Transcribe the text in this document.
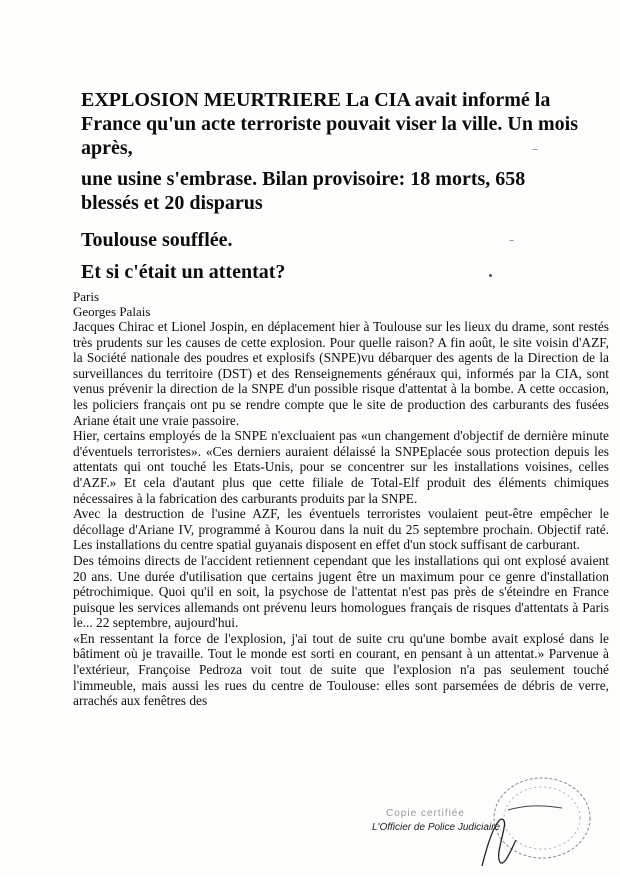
EXPLOSION MEURTRIERE La CIA avait informé la France qu'un acte terroriste pouvait viser la ville. Un mois après,
une usine s'embrase. Bilan provisoire: 18 morts, 658 blessés et 20 disparus
Toulouse soufflée.
Et si c'était un attentat?
Paris
Georges Palais

Jacques Chirac et Lionel Jospin, en déplacement hier à Toulouse sur les lieux du drame, sont restés très prudents sur les causes de cette explosion. Pour quelle raison? A fin août, le site voisin d'AZF, la Société nationale des poudres et explosifs (SNPE)vu débarquer des agents de la Direction de la surveillances du territoire (DST) et des Renseignements généraux qui, informés par la CIA, sont venus prévenir la direction de la SNPE d'un possible risque d'attentat à la bombe. A cette occasion, les policiers français ont pu se rendre compte que le site de production des carburants des fusées Ariane était une vraie passoire.

Hier, certains employés de la SNPE n'excluaient pas «un changement d'objectif de dernière minute d'éventuels terroristes». «Ces derniers auraient délaissé la SNPEplacée sous protection depuis les attentats qui ont touché les Etats-Unis, pour se concentrer sur les installations voisines, celles d'AZF.» Et cela d'autant plus que cette filiale de Total-Elf produit des éléments chimiques nécessaires à la fabrication des carburants produits par la SNPE.

Avec la destruction de l'usine AZF, les éventuels terroristes voulaient peut-être empêcher le décollage d'Ariane IV, programmé à Kourou dans la nuit du 25 septembre prochain. Objectif raté. Les installations du centre spatial guyanais disposent en effet d'un stock suffisant de carburant.

Des témoins directs de l'accident retiennent cependant que les installations qui ont explosé avaient 20 ans. Une durée d'utilisation que certains jugent être un maximum pour ce genre d'installation pétrochimique. Quoi qu'il en soit, la psychose de l'attentat n'est pas près de s'éteindre en France puisque les services allemands ont prévenu leurs homologues français de risques d'attentats à Paris le... 22 septembre, aujourd'hui.

«En ressentant la force de l'explosion, j'ai tout de suite cru qu'une bombe avait explosé dans le bâtiment où je travaille. Tout le monde est sorti en courant, en pensant à un attentat.» Parvenue à l'extérieur, Françoise Pedroza voit tout de suite que l'explosion n'a pas seulement touché l'immeuble, mais aussi les rues du centre de Toulouse: elles sont parsemées de débris de verre, arrachés aux fenêtres des

Copie certifiée
L'Officier de Police Judiciaire
